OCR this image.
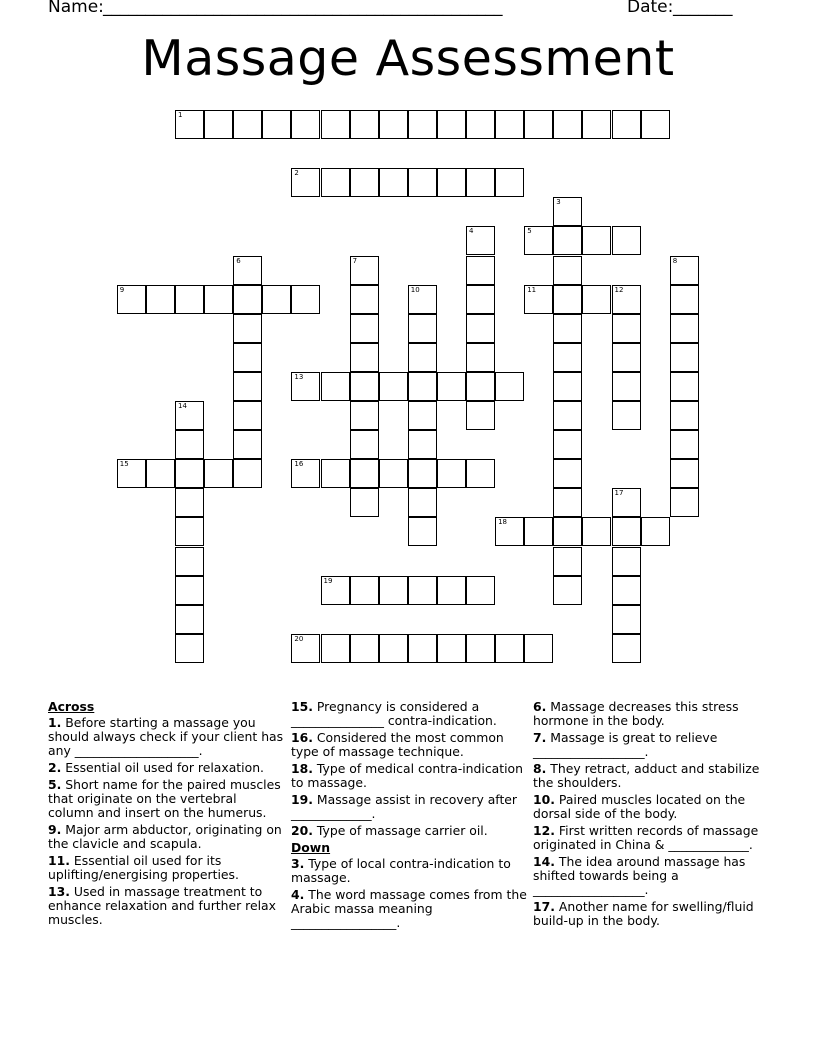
Name: _______________________________________________	Date: _______
Massage Assessment
1
2
3
4	5
6	7	8
9	10	11	12
13
14
15	16
17
18
19
20
Across
1. Before starting a massage you should always check if your client has any ____________________.
2. Essential oil used for relaxation.
5. Short name for the paired muscles that originate on the vertebral column and insert on the humerus.
9. Major arm abductor, originating on the clavicle and scapula.
11. Essential oil used for its uplifting/energising properties.
13. Used in massage treatment to enhance relaxation and further relax muscles.
15. Pregnancy is considered a _______________ contra-indication.
16. Considered the most common type of massage technique.
18. Type of medical contra-indication to massage.
19. Massage assist in recovery after _____________.
20. Type of massage carrier oil.
Down
3. Type of local contra-indication to massage.
4. The word massage comes from the Arabic massa meaning _________________.
6. Massage decreases this stress hormone in the body.
7. Massage is great to relieve __________________.
8. They retract, adduct and stabilize the shoulders.
10. Paired muscles located on the dorsal side of the body.
12. First written records of massage originated in China & _____________.
14. The idea around massage has shifted towards being a __________________.
17. Another name for swelling/fluid build-up in the body.
